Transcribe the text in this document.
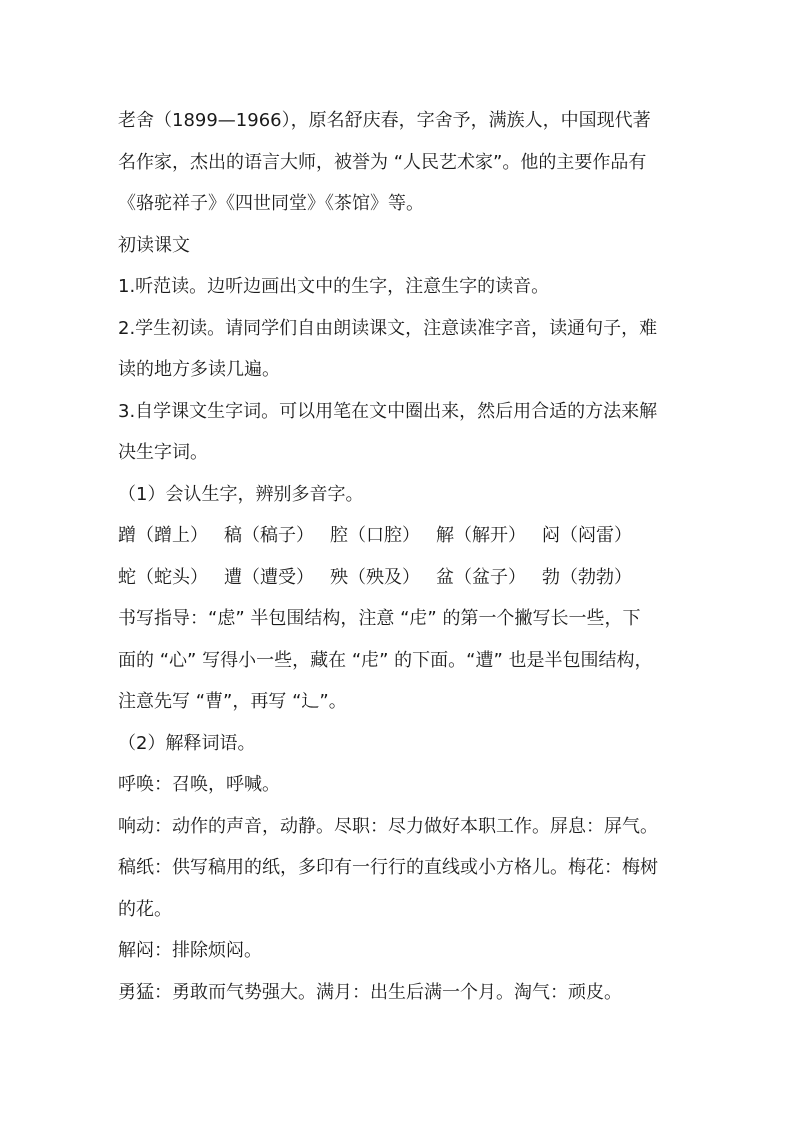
老舍（1899—1966），原名舒庆春，字舍予，满族人，中国现代著
名作家，杰出的语言大师，被誉为 “人民艺术家”。他的主要作品有
《骆驼祥子》《四世同堂》《茶馆》等。
初读课文
1.听范读。边听边画出文中的生字，注意生字的读音。
2.学生初读。请同学们自由朗读课文，注意读准字音，读通句子，难
读的地方多读几遍。
3.自学课文生字词。可以用笔在文中圈出来，然后用合适的方法来解
决生字词。
（1）会认生字，辨别多音字。
蹭（蹭上） 稿（稿子） 腔（口腔） 解（解开） 闷（闷雷）
蛇（蛇头） 遭（遭受） 殃（殃及） 盆（盆子） 勃（勃勃）
书写指导：“虑” 半包围结构，注意 “虍” 的第一个撇写长一些，下
面的 “心” 写得小一些，藏在 “虍” 的下面。“遭” 也是半包围结构，
注意先写 “曹”，再写 “辶”。
（2）解释词语。
呼唤：召唤，呼喊。
响动：动作的声音，动静。尽职：尽力做好本职工作。屏息：屏气。
稿纸：供写稿用的纸，多印有一行行的直线或小方格儿。梅花：梅树
的花。
解闷：排除烦闷。
勇猛：勇敢而气势强大。满月：出生后满一个月。淘气：顽皮。
